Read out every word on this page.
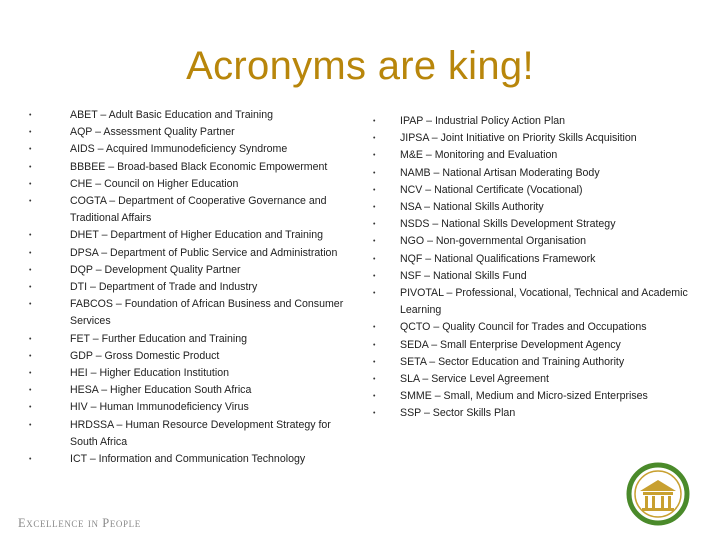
Acronyms are king!
•	ABET – Adult Basic Education and Training
•	AQP – Assessment Quality Partner
•	AIDS – Acquired Immunodeficiency Syndrome
•	BBBEE – Broad-based Black Economic Empowerment
•	CHE – Council on Higher Education
•	COGTA – Department of Cooperative Governance and Traditional Affairs
•	DHET – Department of Higher Education and Training
•	DPSA – Department of Public Service and Administration
•	DQP – Development Quality Partner
•	DTI – Department of Trade and Industry
•	FABCOS – Foundation of African Business and Consumer Services
•	FET – Further Education and Training
•	GDP – Gross Domestic Product
•	HEI – Higher Education Institution
•	HESA – Higher Education South Africa
•	HIV – Human Immunodeficiency Virus
•	HRDSSA – Human Resource Development Strategy for South Africa
•	ICT – Information and Communication Technology
• IPAP – Industrial Policy Action Plan
• JIPSA – Joint Initiative on Priority Skills Acquisition
• M&E – Monitoring and Evaluation
• NAMB – National Artisan Moderating Body
• NCV – National Certificate (Vocational)
• NSA – National Skills Authority
• NSDS – National Skills Development Strategy
• NGO – Non-governmental Organisation
• NQF – National Qualifications Framework
• NSF – National Skills Fund
• PIVOTAL – Professional, Vocational, Technical and Academic Learning
• QCTO – Quality Council for Trades and Occupations
• SEDA – Small Enterprise Development Agency
• SETA – Sector Education and Training Authority
• SLA – Service Level Agreement
• SMME – Small, Medium and Micro-sized Enterprises
• SSP – Sector Skills Plan
Excellence in People
